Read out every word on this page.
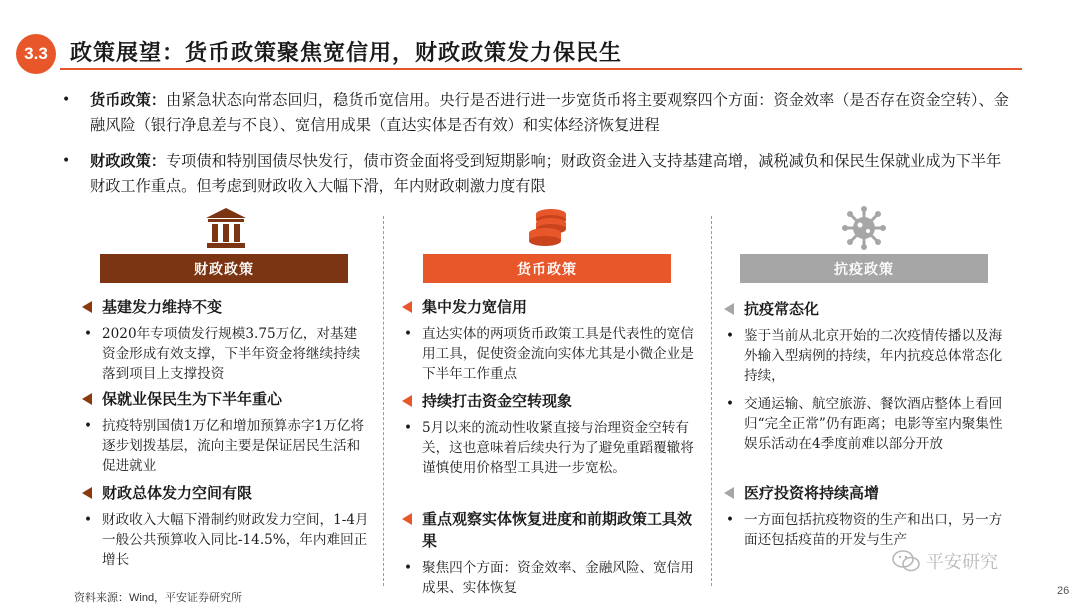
3.3 政策展望：货币政策聚焦宽信用，财政政策发力保民生
• 货币政策：由紧急状态向常态回归，稳货币宽信用。央行是否进行进一步宽货币将主要观察四个方面：资金效率（是否存在资金空转）、金融风险（银行净息差与不良）、宽信用成果（直达实体是否有效）和实体经济恢复进程
• 财政政策：专项债和特别国债尽快发行，债市资金面将受到短期影响；财政资金进入支持基建高增，减税减负和保民生保就业成为下半年财政工作重点。但考虑到财政收入大幅下滑，年内财政刺激力度有限
财政政策
基建发力维持不变
• 2020年专项债发行规模3.75万亿，对基建资金形成有效支撑，下半年资金将继续持续落到项目上支撑投资
保就业保民生为下半年重心
• 抗疫特别国债1万亿和增加预算赤字1万亿将逐步划拨基层，流向主要是保证居民生活和促进就业
财政总体发力空间有限
• 财政收入大幅下滑制约财政发力空间，1-4月一般公共预算收入同比-14.5%，年内难回正增长
货币政策
集中发力宽信用
• 直达实体的两项货币政策工具是代表性的宽信用工具，促使资金流向实体尤其是小微企业是下半年工作重点
持续打击资金空转现象
• 5月以来的流动性收紧直接与治理资金空转有关，这也意味着后续央行为了避免重蹈覆辙将谨慎使用价格型工具进一步宽松。
重点观察实体恢复进度和前期政策工具效果
• 聚焦四个方面：资金效率、金融风险、宽信用成果、实体恢复
抗疫政策
抗疫常态化
• 鉴于当前从北京开始的二次疫情传播以及海外输入型病例的持续，年内抗疫总体常态化持续，
• 交通运输、航空旅游、餐饮酒店整体上看回归“完全正常”仍有距离；电影等室内聚集性娱乐活动在4季度前难以部分开放
医疗投资将持续高增
• 一方面包括抗疫物资的生产和出口，另一方面还包括疫苗的开发与生产
资料来源：Wind，平安证券研究所
26
平安研究
